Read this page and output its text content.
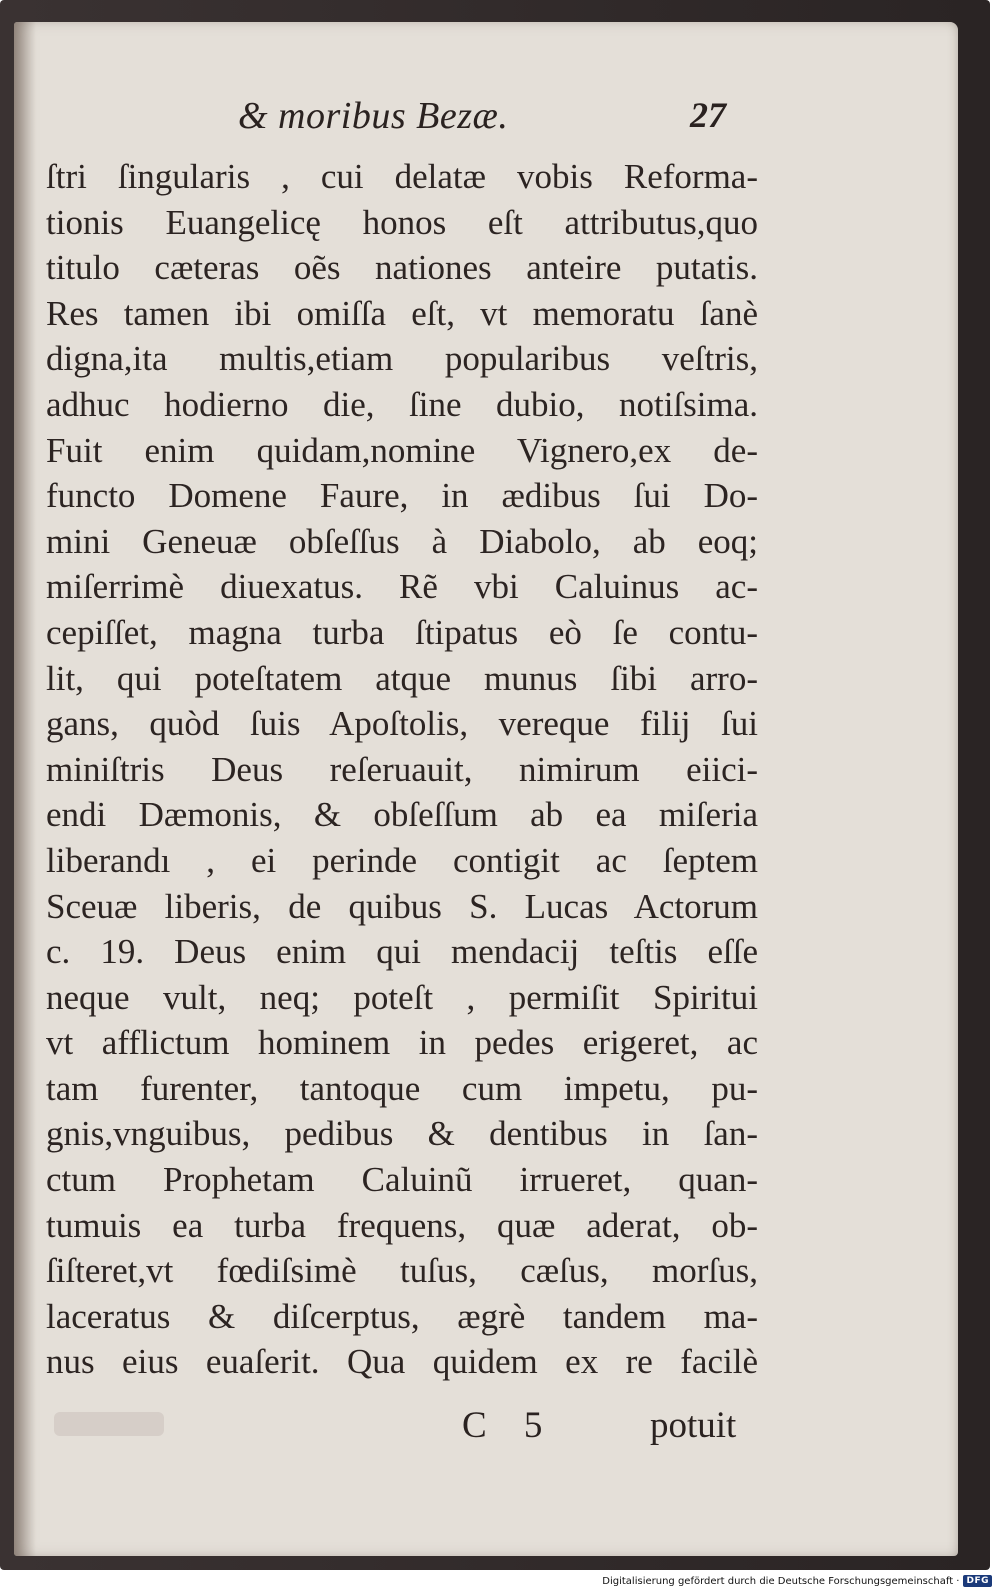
& moribus Bezæ.	27
ſtri ſingularis , cui delatæ vobis Reforma-
tionis Euangelicę honos eſt attributus,quo
titulo cæteras oẽs nationes anteire putatis.
Res tamen ibi omiſſa eſt, vt memoratu ſanè
digna,ita multis,etiam popularibus veſtris,
adhuc hodierno die, ſine dubio, notiſsima.
Fuit enim quidam,nomine Vignero,ex de-
functo Domene Faure, in ædibus ſui Do-
mini Geneuæ obſeſſus à Diabolo, ab eoq;
miſerrimè diuexatus. Rẽ vbi Caluinus ac-
cepiſſet, magna turba ſtipatus eò ſe contu-
lit, qui poteſtatem atque munus ſibi arro-
gans, quòd ſuis Apoſtolis, vereque filij ſui
miniſtris Deus reſeruauit, nimirum eiici-
endi Dæmonis, & obſeſſum ab ea miſeria
liberandı , ei perinde contigit ac ſeptem
Sceuæ liberis, de quibus S. Lucas Actorum
c. 19. Deus enim qui mendacij teſtis eſſe
neque vult, neq; poteſt , permiſit Spiritui
vt afflictum hominem in pedes erigeret, ac
tam furenter, tantoque cum impetu, pu-
gnis,vnguibus, pedibus & dentibus in ſan-
ctum Prophetam Caluinũ irrueret, quan-
tumuis ea turba frequens, quæ aderat, ob-
ſiſteret,vt fœdiſsimè tuſus, cæſus, morſus,
laceratus & diſcerptus, ægrè tandem ma-
nus eius euaſerit. Qua quidem ex re facilè
C 5	potuit
Digitalisierung gefördert durch die Deutsche Forschungsgemeinschaft · DFG
